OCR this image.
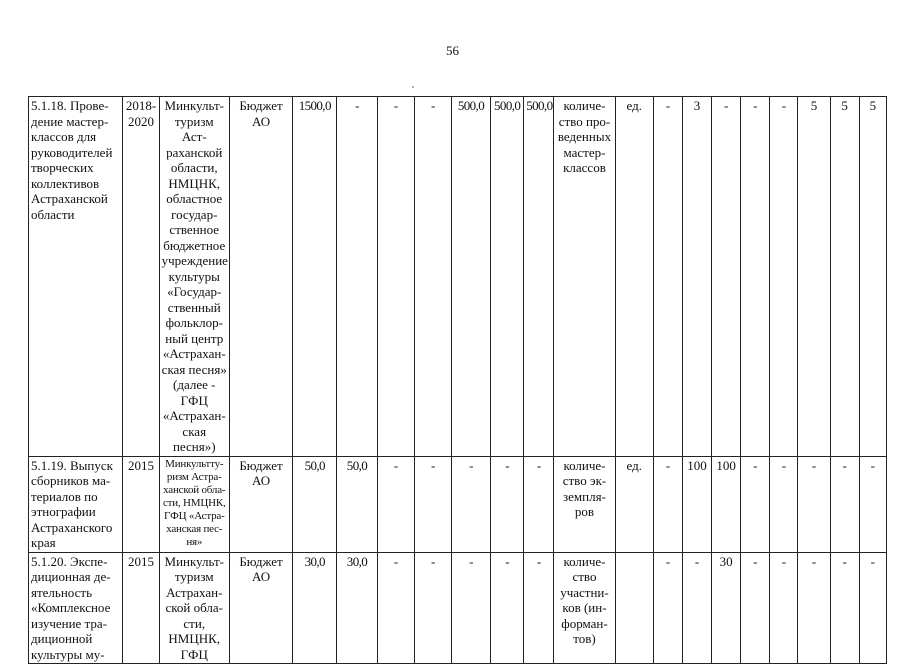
56
5.1.18. Прове-дение мастер-классов для руководителей творческих коллективов Астраханской области	2018-2020	Минкульт-туризм Аст-раханской области, НМЦНК, областное государ-ственное бюджетное учреждение культуры «Государ-ственный фольклор-ный центр «Астрахан-ская песня» (далее - ГФЦ «Астрахан-ская песня»)	Бюджет АО	1500,0	-	-	-	500,0	500,0	500,0	количе-ство про-веденных мастер-классов	ед.	-	3	-	-	-	5	5	5
5.1.19. Выпуск сборников ма-териалов по этнографии Астраханского края	2015	Минкультту-ризм Астра-ханской обла-сти, НМЦНК, ГФЦ «Астра-ханская пес-ня»	Бюджет АО	50,0	50,0	-	-	-	-	-	количе-ство эк-земпля-ров	ед.	-	100	100	-	-	-	-	-
5.1.20. Экспе-диционная де-ятельность «Комплексное изучение тра-диционной культуры му-	2015	Минкульт-туризм Астрахан-ской обла-сти, НМЦНК, ГФЦ	Бюджет АО	30,0	30,0	-	-	-	-	-	количе-ство участни-ков (ин-форман-тов)		-	-	30	-	-	-	-	-
